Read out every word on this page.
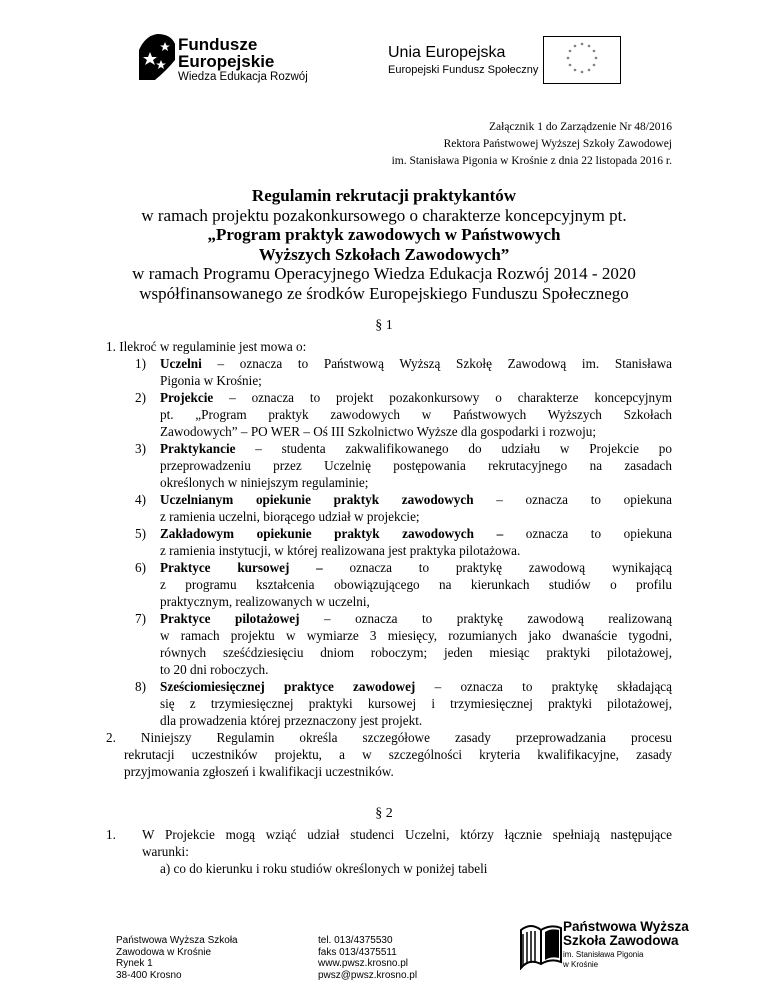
Fundusze
Europejskie
Wiedza Edukacja Rozwój
Unia Europejska
Europejski Fundusz Społeczny
* *
*
*
*
*
*
*
*
*
*
*
Załącznik 1 do Zarządzenie Nr 48/2016
Rektora Państwowej Wyższej Szkoły Zawodowej
im. Stanisława Pigonia w Krośnie z dnia 22 listopada 2016 r.
Regulamin rekrutacji praktykantów
w ramach projektu pozakonkursowego o charakterze koncepcyjnym pt.
„Program praktyk zawodowych w Państwowych
Wyższych Szkołach Zawodowych”
w ramach Programu Operacyjnego Wiedza Edukacja Rozwój 2014 - 2020
współfinansowanego ze środków Europejskiego Funduszu Społecznego
§ 1
1. Ilekroć w regulaminie jest mowa o:
1) Uczelni – oznacza to Państwową Wyższą Szkołę Zawodową im. Stanisława
Pigonia w Krośnie;
2) Projekcie – oznacza to projekt pozakonkursowy o charakterze koncepcyjnym
pt. „Program praktyk zawodowych w Państwowych Wyższych Szkołach
Zawodowych” – PO WER – Oś III Szkolnictwo Wyższe dla gospodarki i rozwoju;
3) Praktykancie – studenta zakwalifikowanego do udziału w Projekcie po
przeprowadzeniu przez Uczelnię postępowania rekrutacyjnego na zasadach
określonych w niniejszym regulaminie;
4) Uczelnianym opiekunie praktyk zawodowych – oznacza to opiekuna
z ramienia uczelni, biorącego udział w projekcie;
5) Zakładowym opiekunie praktyk zawodowych – oznacza to opiekuna
z ramienia instytucji, w której realizowana jest praktyka pilotażowa.
6) Praktyce kursowej – oznacza to praktykę zawodową wynikającą
z programu kształcenia obowiązującego na kierunkach studiów o profilu
praktycznym, realizowanych w uczelni,
7) Praktyce pilotażowej – oznacza to praktykę zawodową realizowaną
w ramach projektu w wymiarze 3 miesięcy, rozumianych jako dwanaście tygodni,
równych sześćdziesięciu dniom roboczym; jeden miesiąc praktyki pilotażowej,
to 20 dni roboczych.
8) Sześciomiesięcznej praktyce zawodowej – oznacza to praktykę składającą
się z trzymiesięcznej praktyki kursowej i trzymiesięcznej praktyki pilotażowej,
dla prowadzenia której przeznaczony jest projekt.
2. Niniejszy Regulamin określa szczegółowe zasady przeprowadzania procesu
rekrutacji uczestników projektu, a w szczególności kryteria kwalifikacyjne, zasady
przyjmowania zgłoszeń i kwalifikacji uczestników.
§ 2
1. W Projekcie mogą wziąć udział studenci Uczelni, którzy łącznie spełniają następujące
warunki:
a) co do kierunku i roku studiów określonych w poniżej tabeli
Państwowa Wyższa Szkoła
Zawodowa w Krośnie
Rynek 1
38-400 Krosno
tel. 013/4375530
faks 013/4375511
www.pwsz.krosno.pl
pwsz@pwsz.krosno.pl
Państwowa Wyższa
Szkoła Zawodowa
im. Stanisława Pigonia
w Krośnie
